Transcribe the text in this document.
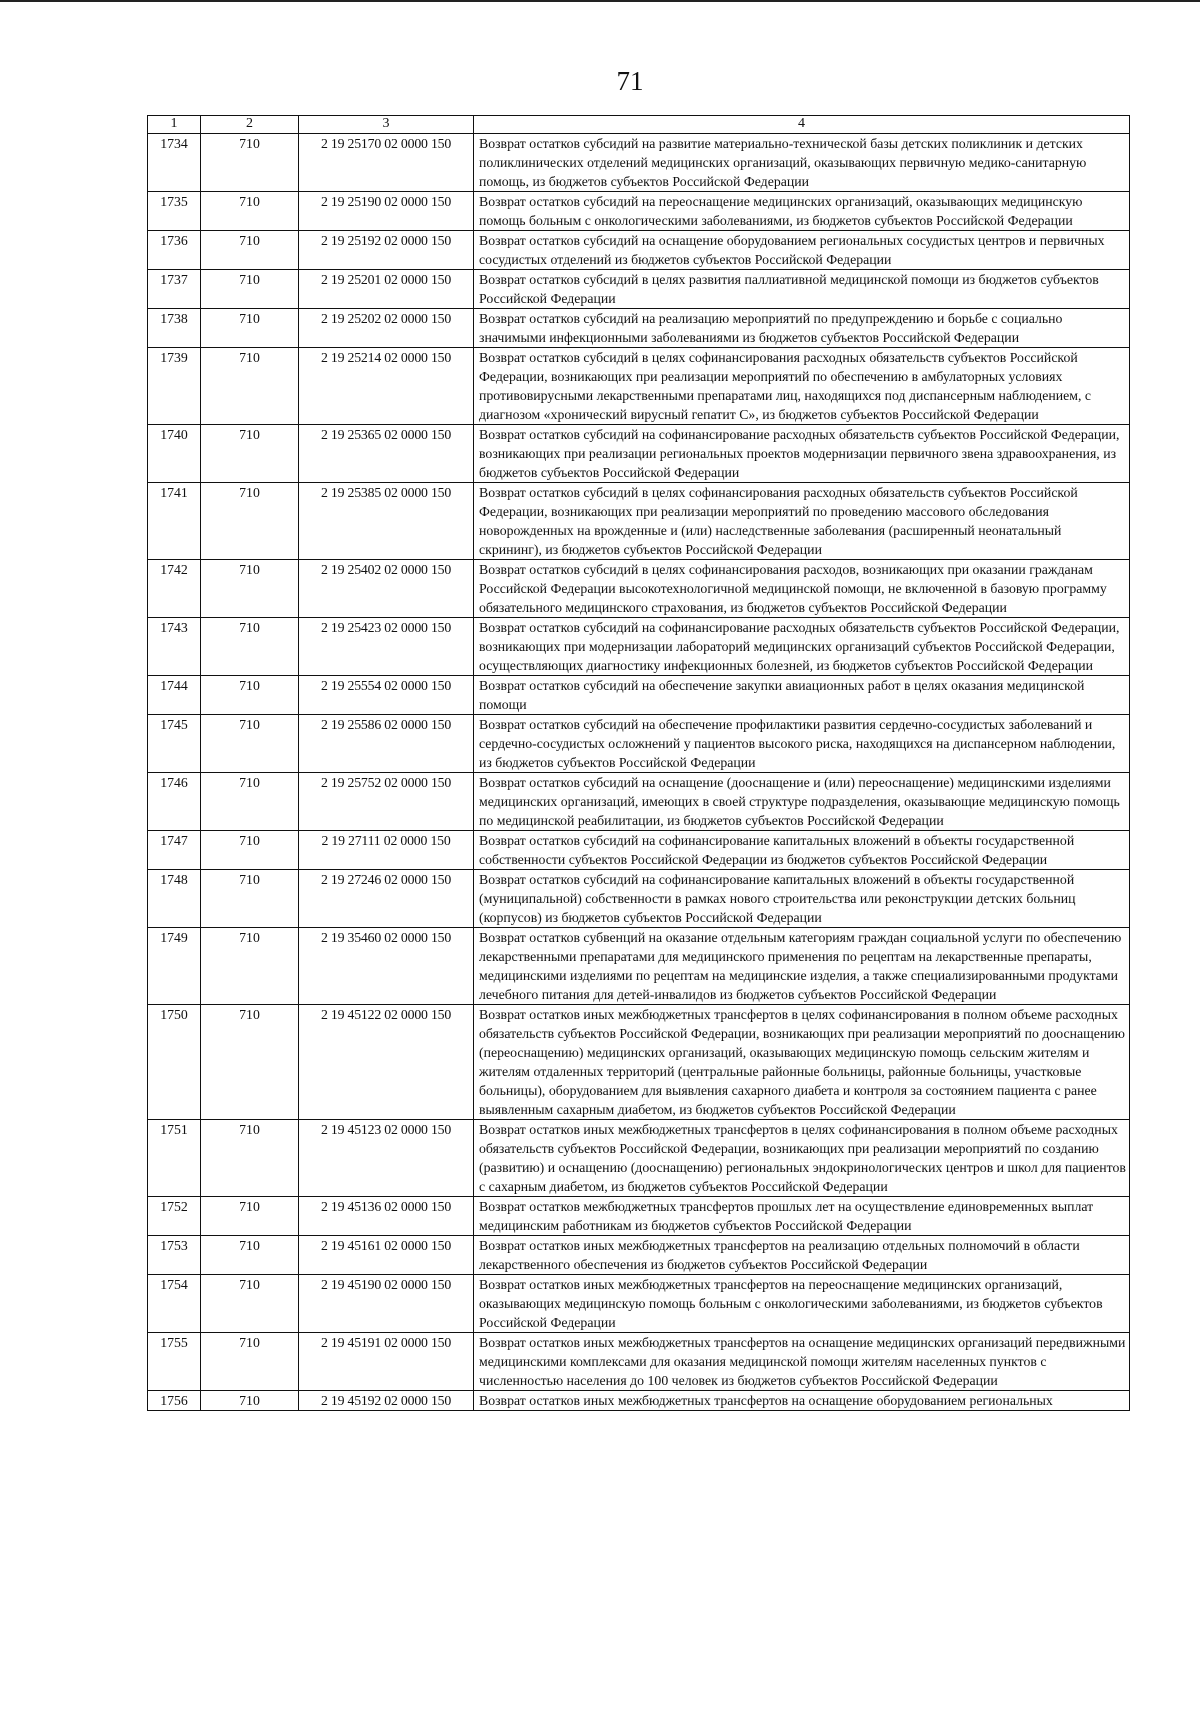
71
1	2	3	4
1734	710	2 19 25170 02 0000 150	Возврат остатков субсидий на развитие материально-технической базы детских поликлиник и детских поликлинических отделений медицинских организаций, оказывающих первичную медико-санитарную помощь, из бюджетов субъектов Российской Федерации
1735	710	2 19 25190 02 0000 150	Возврат остатков субсидий на переоснащение медицинских организаций, оказывающих медицинскую помощь больным с онкологическими заболеваниями, из бюджетов субъектов Российской Федерации
1736	710	2 19 25192 02 0000 150	Возврат остатков субсидий на оснащение оборудованием региональных сосудистых центров и первичных сосудистых отделений из бюджетов субъектов Российской Федерации
1737	710	2 19 25201 02 0000 150	Возврат остатков субсидий в целях развития паллиативной медицинской помощи из бюджетов субъектов Российской Федерации
1738	710	2 19 25202 02 0000 150	Возврат остатков субсидий на реализацию мероприятий по предупреждению и борьбе с социально значимыми инфекционными заболеваниями из бюджетов субъектов Российской Федерации
1739	710	2 19 25214 02 0000 150	Возврат остатков субсидий в целях софинансирования расходных обязательств субъектов Российской Федерации, возникающих при реализации мероприятий по обеспечению в амбулаторных условиях противовирусными лекарственными препаратами лиц, находящихся под диспансерным наблюдением, с диагнозом «хронический вирусный гепатит С», из бюджетов субъектов Российской Федерации
1740	710	2 19 25365 02 0000 150	Возврат остатков субсидий на софинансирование расходных обязательств субъектов Российской Федерации, возникающих при реализации региональных проектов модернизации первичного звена здравоохранения, из бюджетов субъектов Российской Федерации
1741	710	2 19 25385 02 0000 150	Возврат остатков субсидий в целях софинансирования расходных обязательств субъектов Российской Федерации, возникающих при реализации мероприятий по проведению массового обследования новорожденных на врожденные и (или) наследственные заболевания (расширенный неонатальный скрининг), из бюджетов субъектов Российской Федерации
1742	710	2 19 25402 02 0000 150	Возврат остатков субсидий в целях софинансирования расходов, возникающих при оказании гражданам Российской Федерации высокотехнологичной медицинской помощи, не включенной в базовую программу обязательного медицинского страхования, из бюджетов субъектов Российской Федерации
1743	710	2 19 25423 02 0000 150	Возврат остатков субсидий на софинансирование расходных обязательств субъектов Российской Федерации, возникающих при модернизации лабораторий медицинских организаций субъектов Российской Федерации, осуществляющих диагностику инфекционных болезней, из бюджетов субъектов Российской Федерации
1744	710	2 19 25554 02 0000 150	Возврат остатков субсидий на обеспечение закупки авиационных работ в целях оказания медицинской помощи
1745	710	2 19 25586 02 0000 150	Возврат остатков субсидий на обеспечение профилактики развития сердечно-сосудистых заболеваний и сердечно-сосудистых осложнений у пациентов высокого риска, находящихся на диспансерном наблюдении, из бюджетов субъектов Российской Федерации
1746	710	2 19 25752 02 0000 150	Возврат остатков субсидий на оснащение (дооснащение и (или) переоснащение) медицинскими изделиями медицинских организаций, имеющих в своей структуре подразделения, оказывающие медицинскую помощь по медицинской реабилитации, из бюджетов субъектов Российской Федерации
1747	710	2 19 27111 02 0000 150	Возврат остатков субсидий на софинансирование капитальных вложений в объекты государственной собственности субъектов Российской Федерации из бюджетов субъектов Российской Федерации
1748	710	2 19 27246 02 0000 150	Возврат остатков субсидий на софинансирование капитальных вложений в объекты государственной (муниципальной) собственности в рамках нового строительства или реконструкции детских больниц (корпусов) из бюджетов субъектов Российской Федерации
1749	710	2 19 35460 02 0000 150	Возврат остатков субвенций на оказание отдельным категориям граждан социальной услуги по обеспечению лекарственными препаратами для медицинского применения по рецептам на лекарственные препараты, медицинскими изделиями по рецептам на медицинские изделия, а также специализированными продуктами лечебного питания для детей-инвалидов из бюджетов субъектов Российской Федерации
1750	710	2 19 45122 02 0000 150	Возврат остатков иных межбюджетных трансфертов в целях софинансирования в полном объеме расходных обязательств субъектов Российской Федерации, возникающих при реализации мероприятий по дооснащению (переоснащению) медицинских организаций, оказывающих медицинскую помощь сельским жителям и жителям отдаленных территорий (центральные районные больницы, районные больницы, участковые больницы), оборудованием для выявления сахарного диабета и контроля за состоянием пациента с ранее выявленным сахарным диабетом, из бюджетов субъектов Российской Федерации
1751	710	2 19 45123 02 0000 150	Возврат остатков иных межбюджетных трансфертов в целях софинансирования в полном объеме расходных обязательств субъектов Российской Федерации, возникающих при реализации мероприятий по созданию (развитию) и оснащению (дооснащению) региональных эндокринологических центров и школ для пациентов с сахарным диабетом, из бюджетов субъектов Российской Федерации
1752	710	2 19 45136 02 0000 150	Возврат остатков межбюджетных трансфертов прошлых лет на осуществление единовременных выплат медицинским работникам из бюджетов субъектов Российской Федерации
1753	710	2 19 45161 02 0000 150	Возврат остатков иных межбюджетных трансфертов на реализацию отдельных полномочий в области лекарственного обеспечения из бюджетов субъектов Российской Федерации
1754	710	2 19 45190 02 0000 150	Возврат остатков иных межбюджетных трансфертов на переоснащение медицинских организаций, оказывающих медицинскую помощь больным с онкологическими заболеваниями, из бюджетов субъектов Российской Федерации
1755	710	2 19 45191 02 0000 150	Возврат остатков иных межбюджетных трансфертов на оснащение медицинских организаций передвижными медицинскими комплексами для оказания медицинской помощи жителям населенных пунктов с численностью населения до 100 человек из бюджетов субъектов Российской Федерации
1756	710	2 19 45192 02 0000 150	Возврат остатков иных межбюджетных трансфертов на оснащение оборудованием региональных
